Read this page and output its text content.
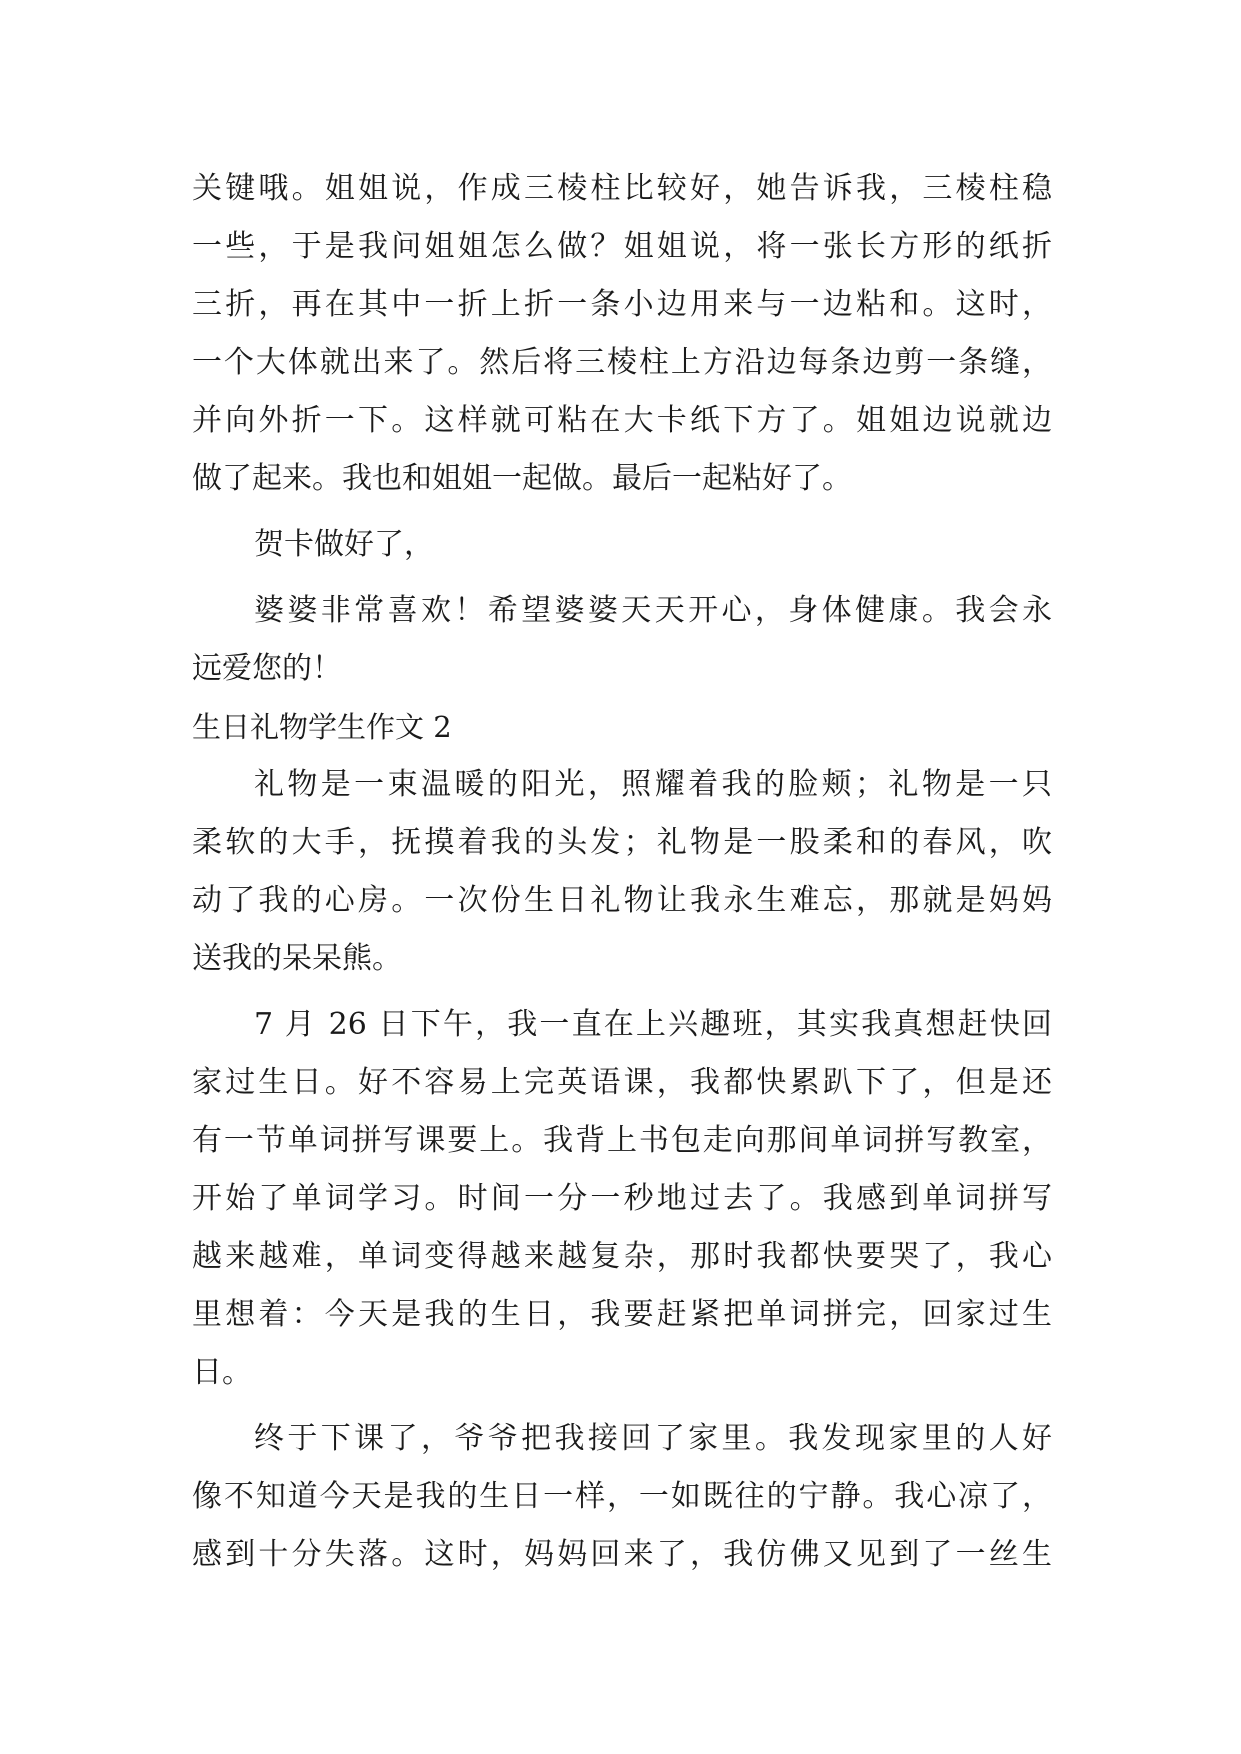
关键哦。姐姐说，作成三棱柱比较好，她告诉我，三棱柱稳
一些，于是我问姐姐怎么做？姐姐说，将一张长方形的纸折
三折，再在其中一折上折一条小边用来与一边粘和。这时，
一个大体就出来了。然后将三棱柱上方沿边每条边剪一条缝，
并向外折一下。这样就可粘在大卡纸下方了。姐姐边说就边
做了起来。我也和姐姐一起做。最后一起粘好了。
贺卡做好了，
婆婆非常喜欢！希望婆婆天天开心，身体健康。我会永
远爱您的！
生日礼物学生作文 2
礼物是一束温暖的阳光，照耀着我的脸颊；礼物是一只
柔软的大手，抚摸着我的头发；礼物是一股柔和的春风，吹
动了我的心房。一次份生日礼物让我永生难忘，那就是妈妈
送我的呆呆熊。
7 月 26 日下午，我一直在上兴趣班，其实我真想赶快回
家过生日。好不容易上完英语课，我都快累趴下了，但是还
有一节单词拼写课要上。我背上书包走向那间单词拼写教室，
开始了单词学习。时间一分一秒地过去了。我感到单词拼写
越来越难，单词变得越来越复杂，那时我都快要哭了，我心
里想着：今天是我的生日，我要赶紧把单词拼完，回家过生
日。
终于下课了，爷爷把我接回了家里。我发现家里的人好
像不知道今天是我的生日一样，一如既往的宁静。我心凉了，
感到十分失落。这时，妈妈回来了，我仿佛又见到了一丝生
